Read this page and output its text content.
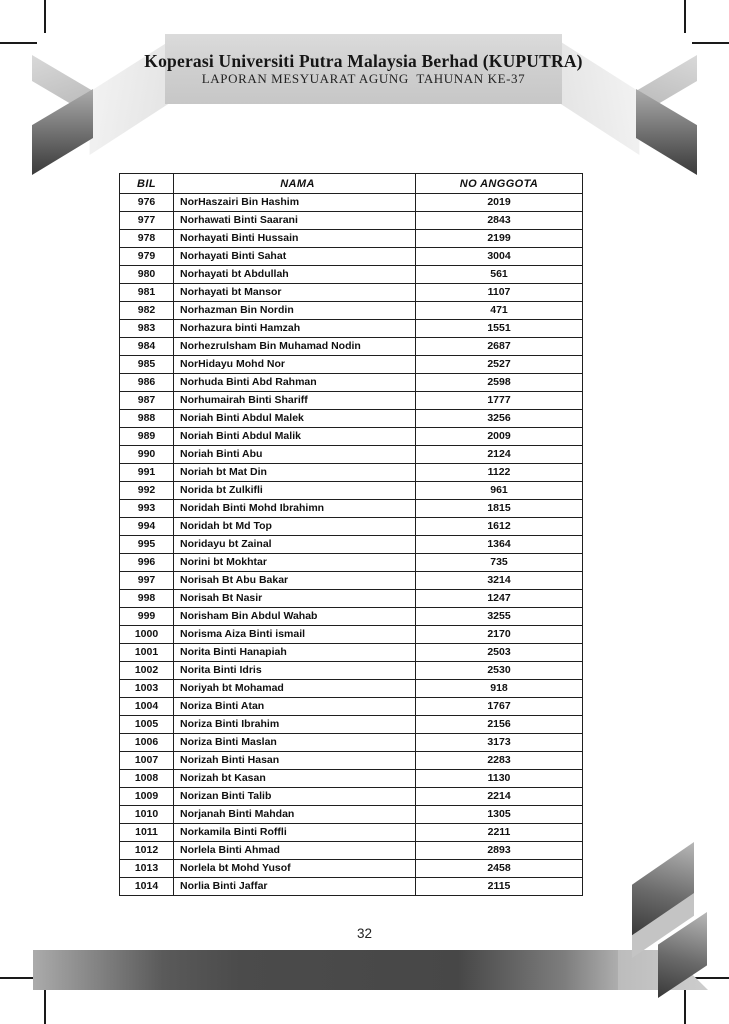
Koperasi Universiti Putra Malaysia Berhad (KUPUTRA)
LAPORAN MESYUARAT AGUNG  TAHUNAN KE-37
BIL	NAMA	NO ANGGOTA
976	NorHaszairi Bin Hashim	2019
977	Norhawati Binti Saarani	2843
978	Norhayati Binti Hussain	2199
979	Norhayati Binti Sahat	3004
980	Norhayati bt Abdullah	561
981	Norhayati bt Mansor	1107
982	Norhazman Bin Nordin	471
983	Norhazura binti Hamzah	1551
984	Norhezrulsham Bin Muhamad Nodin	2687
985	NorHidayu Mohd Nor	2527
986	Norhuda Binti Abd Rahman	2598
987	Norhumairah Binti Shariff	1777
988	Noriah Binti Abdul Malek	3256
989	Noriah Binti Abdul Malik	2009
990	Noriah Binti Abu	2124
991	Noriah bt Mat Din	1122
992	Norida bt Zulkifli	961
993	Noridah Binti Mohd Ibrahimn	1815
994	Noridah bt Md Top	1612
995	Noridayu bt Zainal	1364
996	Norini bt Mokhtar	735
997	Norisah Bt Abu Bakar	3214
998	Norisah Bt Nasir	1247
999	Norisham Bin Abdul Wahab	3255
1000	Norisma Aiza Binti ismail	2170
1001	Norita Binti Hanapiah	2503
1002	Norita Binti Idris	2530
1003	Noriyah bt Mohamad	918
1004	Noriza Binti Atan	1767
1005	Noriza Binti Ibrahim	2156
1006	Noriza Binti Maslan	3173
1007	Norizah Binti Hasan	2283
1008	Norizah bt Kasan	1130
1009	Norizan Binti Talib	2214
1010	Norjanah Binti Mahdan	1305
1011	Norkamila Binti Roffli	2211
1012	Norlela Binti Ahmad	2893
1013	Norlela bt Mohd Yusof	2458
1014	Norlia Binti Jaffar	2115
32
